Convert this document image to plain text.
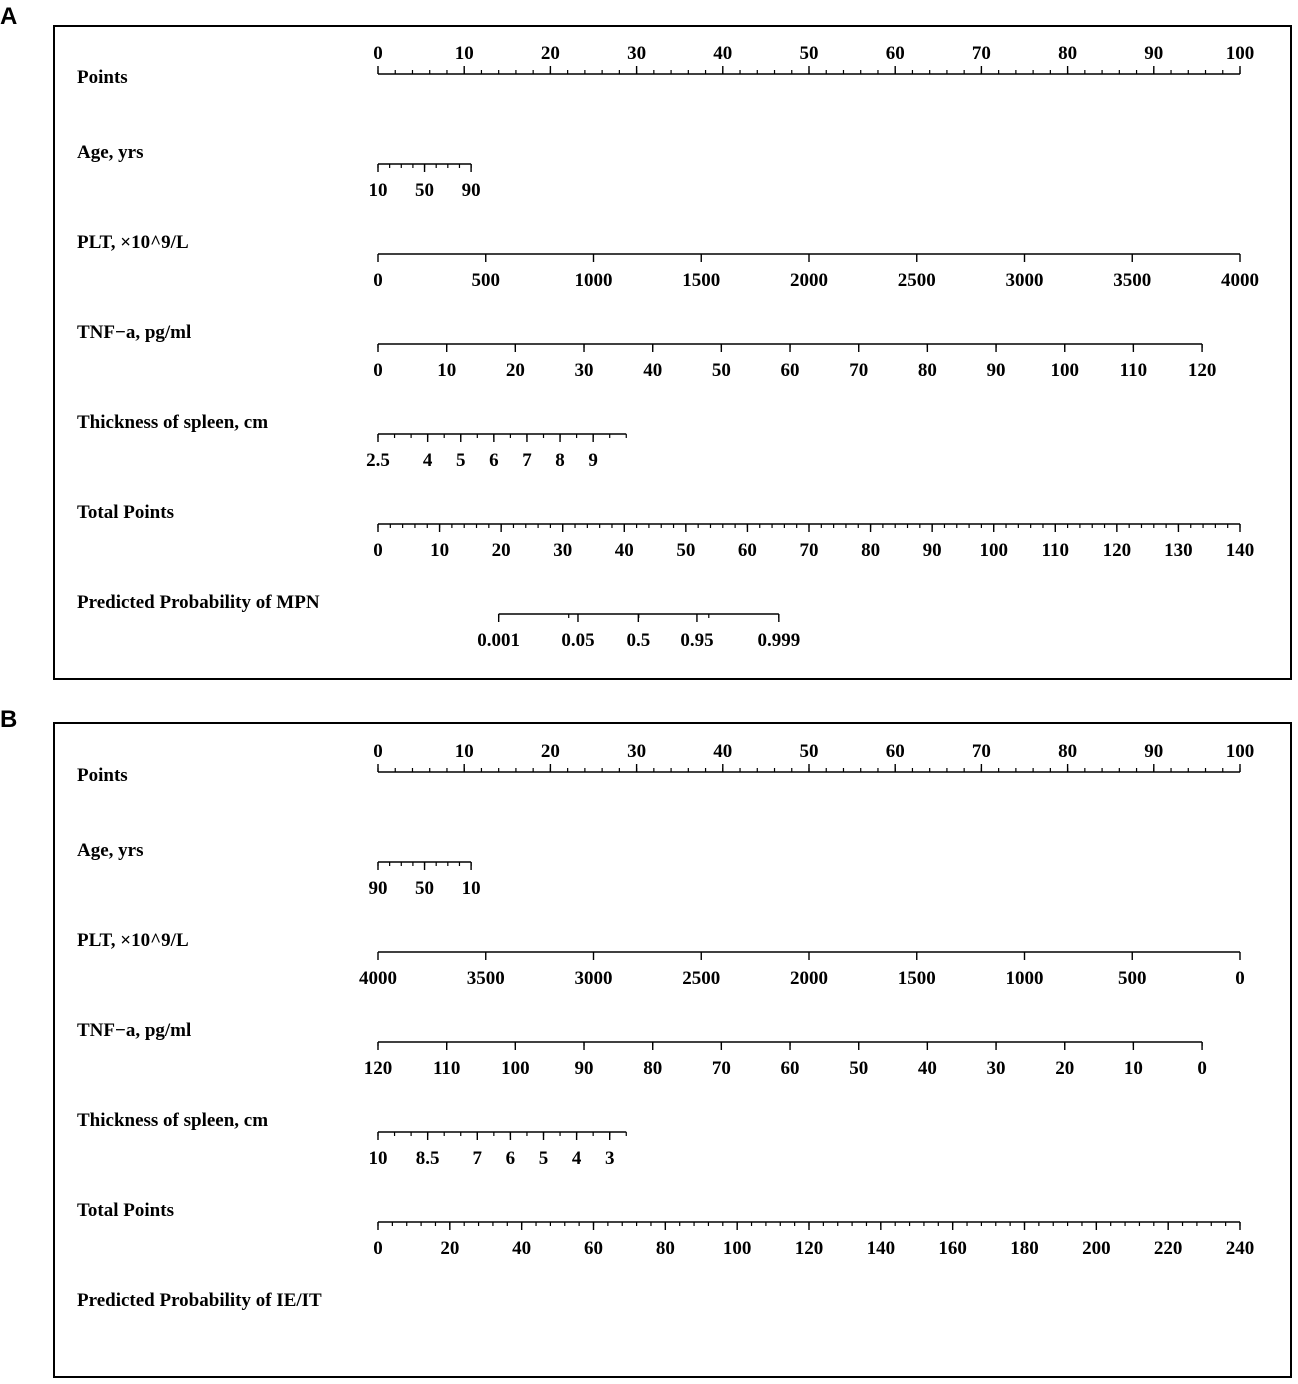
A
Points
0	10	20	30	40	50	60	70	80	90	100
Age, yrs
10 50 90
PLT, ×10^9/L
0	500	1000	1500	2000	2500	3000	3500	4000
TNF−a, pg/ml
0	10	20	30	40	50	60	70	80	90 100 110 120
Thickness of spleen, cm
2.5 4 5 6 7 8 9
Total Points
0 10 20 30 40 50 60 70 80 90 100 110 120 130 140
Predicted Probability of MPN
0.001 0.05 0.5 0.95 0.999
B
Points
0	10	20	30	40	50	60	70	80	90	100
Age, yrs
90 50 10
PLT, ×10^9/L
4000	3500	3000	2500	2000	1500	1000	500	0
TNF−a, pg/ml
120 110 100 90	80	70	60	50	40	30	20	10	0
Thickness of spleen, cm
10 8.5 7 6 5 4 3
Total Points
0	20	40	60	80	100 120 140 160 180 200 220 240
Predicted Probability of IE/IT
